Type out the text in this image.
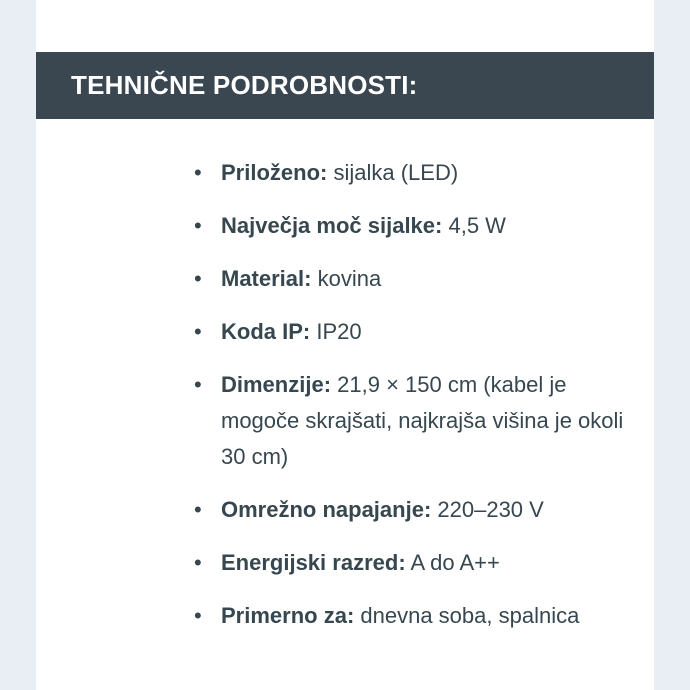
TEHNIČNE PODROBNOSTI:
• Priloženo: sijalka (LED)
• Največja moč sijalke: 4,5 W
• Material: kovina
• Koda IP: IP20
• Dimenzije: 21,9 × 150 cm (kabel je mogoče skrajšati, najkrajša višina je okoli 30 cm)
• Omrežno napajanje: 220–230 V
• Energijski razred: A do A++
• Primerno za: dnevna soba, spalnica
